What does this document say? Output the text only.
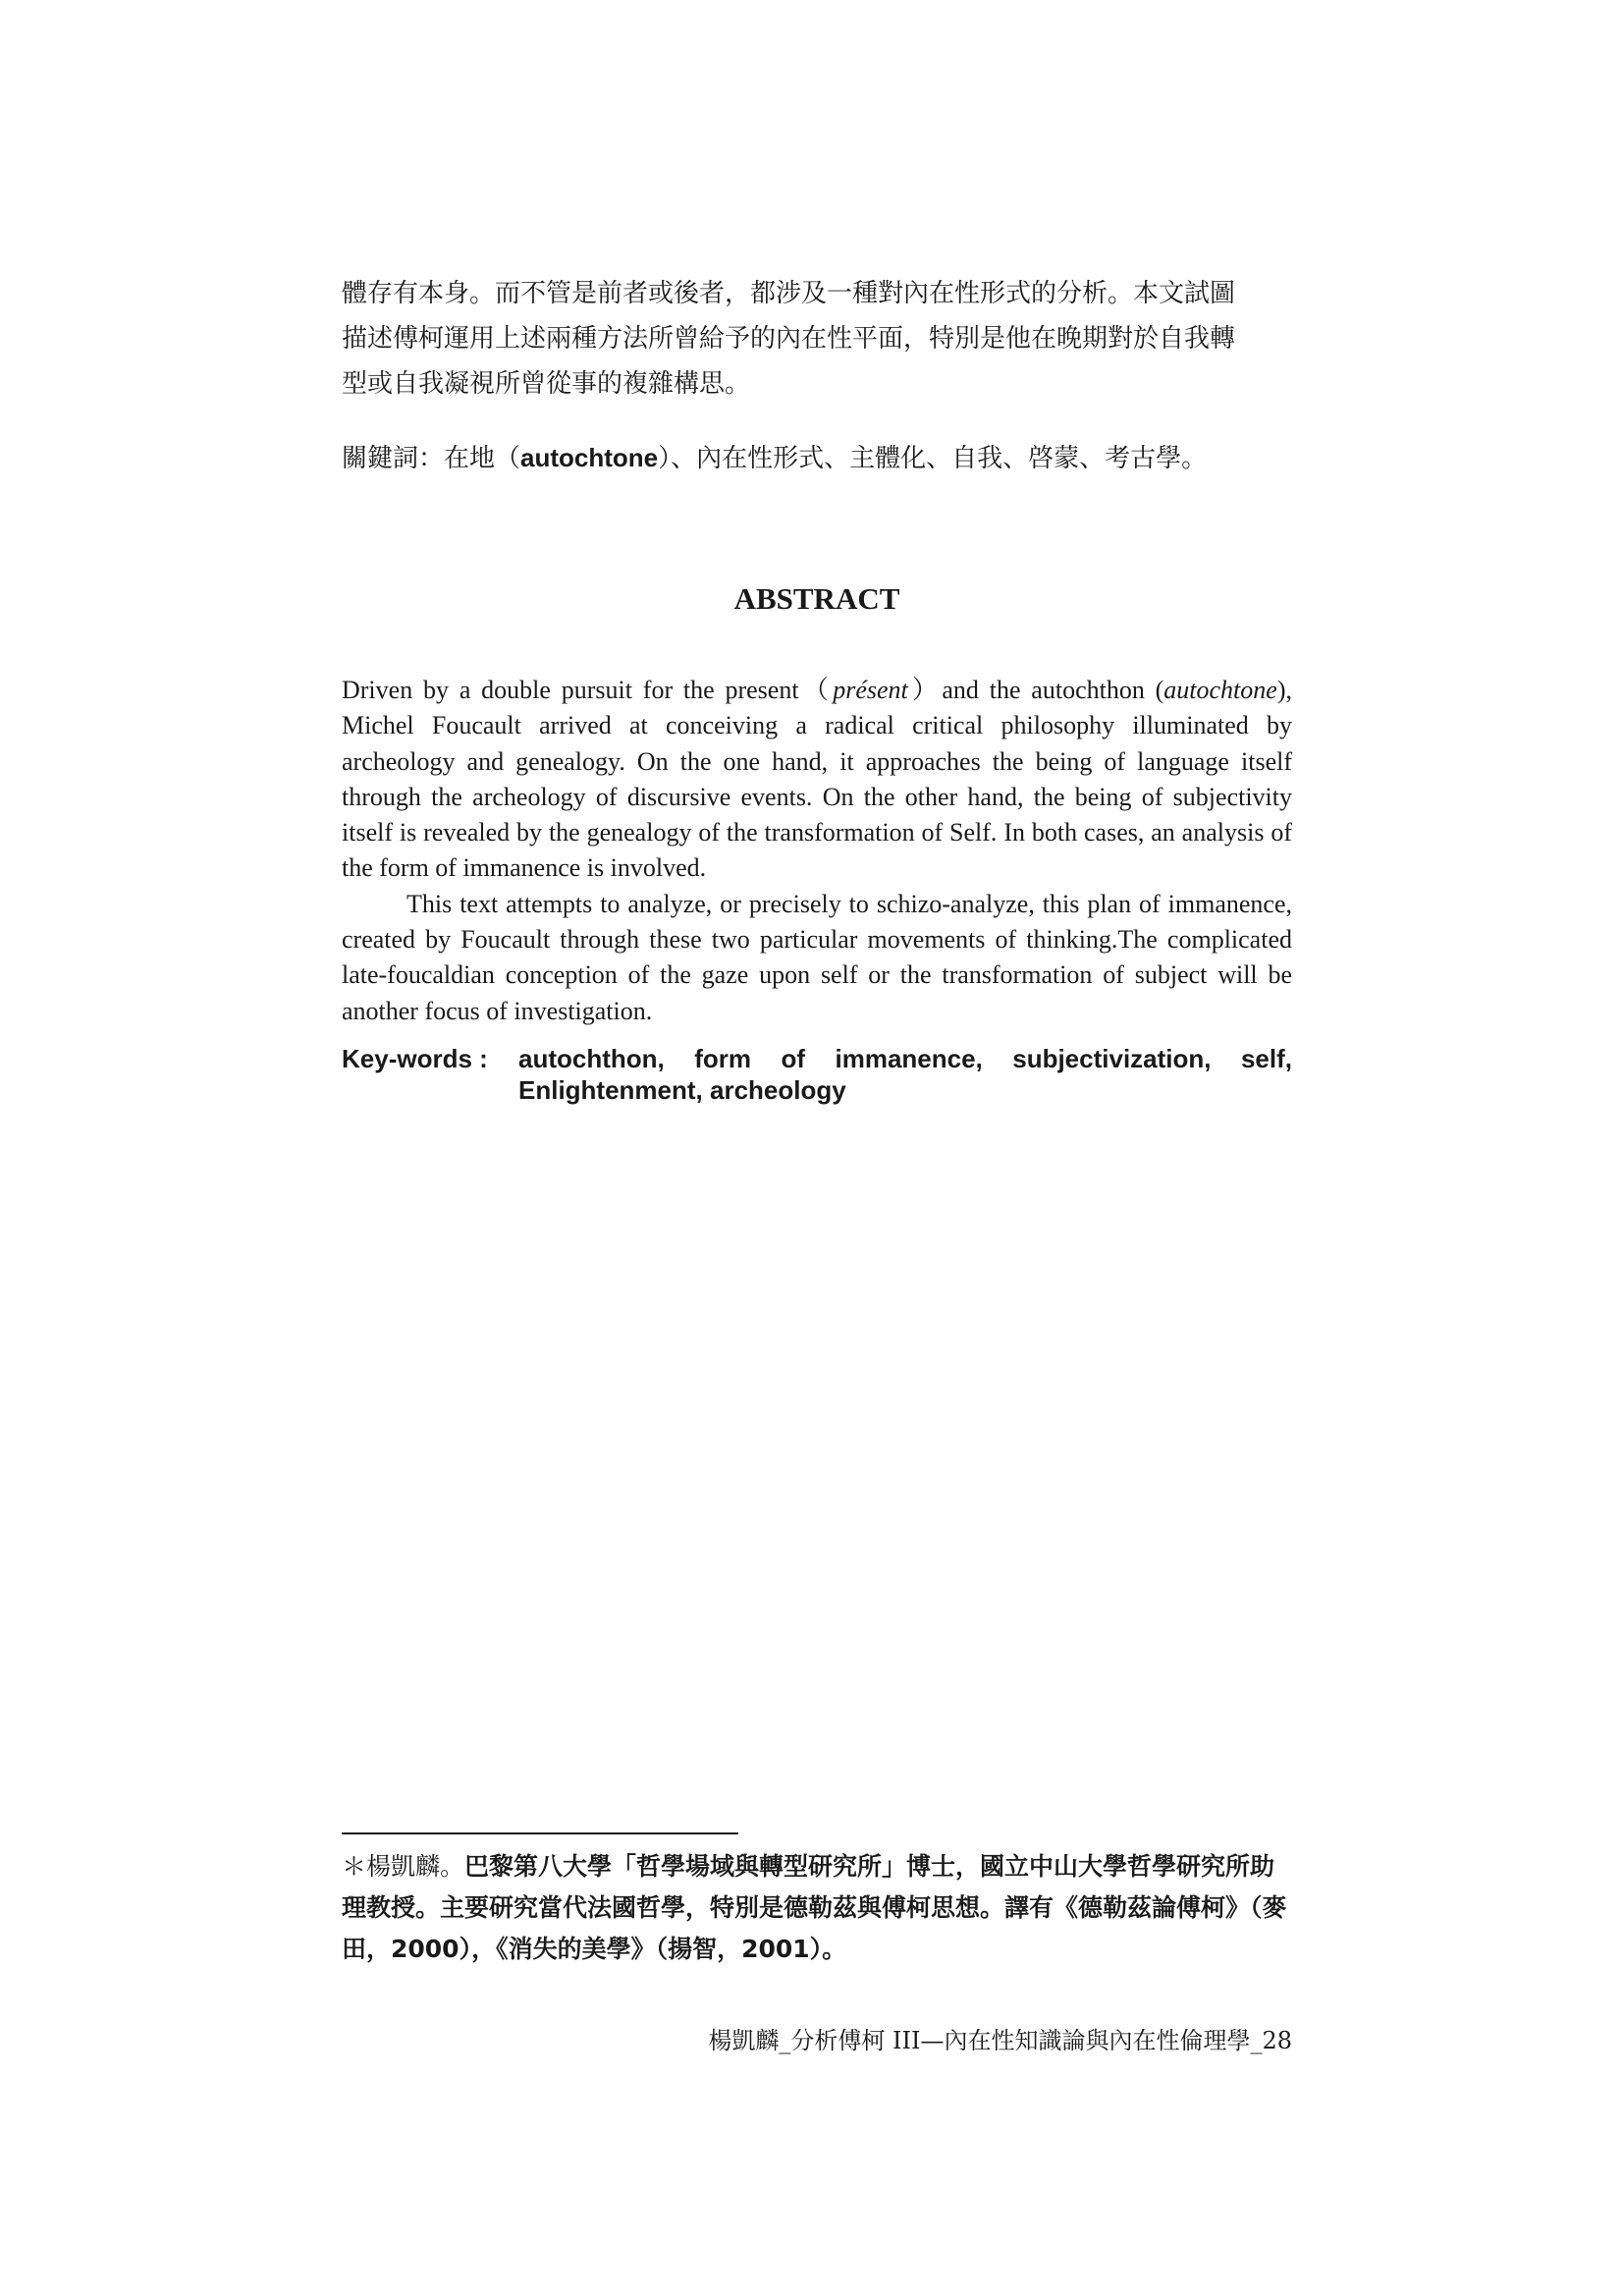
體存有本身。而不管是前者或後者，都涉及一種對內在性形式的分析。本文試圖
描述傅柯運用上述兩種方法所曾給予的內在性平面，特別是他在晚期對於自我轉
型或自我凝視所曾從事的複雜構思。
關鍵詞：在地（autochtone）、內在性形式、主體化、自我、啓蒙、考古學。
ABSTRACT

Driven by a double pursuit for the present（présent）and the autochthon (autochtone), Michel Foucault arrived at conceiving a radical critical philosophy illuminated by archeology and genealogy. On the one hand, it approaches the being of language itself through the archeology of discursive events. On the other hand, the being of subjectivity itself is revealed by the genealogy of the transformation of Self. In both cases, an analysis of the form of immanence is involved.

This text attempts to analyze, or precisely to schizo-analyze, this plan of immanence, created by Foucault through these two particular movements of thinking.The complicated late-foucaldian conception of the gaze upon self or the transformation of subject will be another focus of investigation.

Key-words : autochthon, form of immanence, subjectivization, self, Enlightenment, archeology
＊楊凱麟。巴黎第八大學「哲學場域與轉型研究所」博士，國立中山大學哲學研究所助理教授。主要研究當代法國哲學，特別是德勒茲與傅柯思想。譯有《德勒茲論傅柯》（麥田，2000），《消失的美學》（揚智，2001）。
楊凱麟_分析傅柯 III—內在性知識論與內在性倫理學_28
